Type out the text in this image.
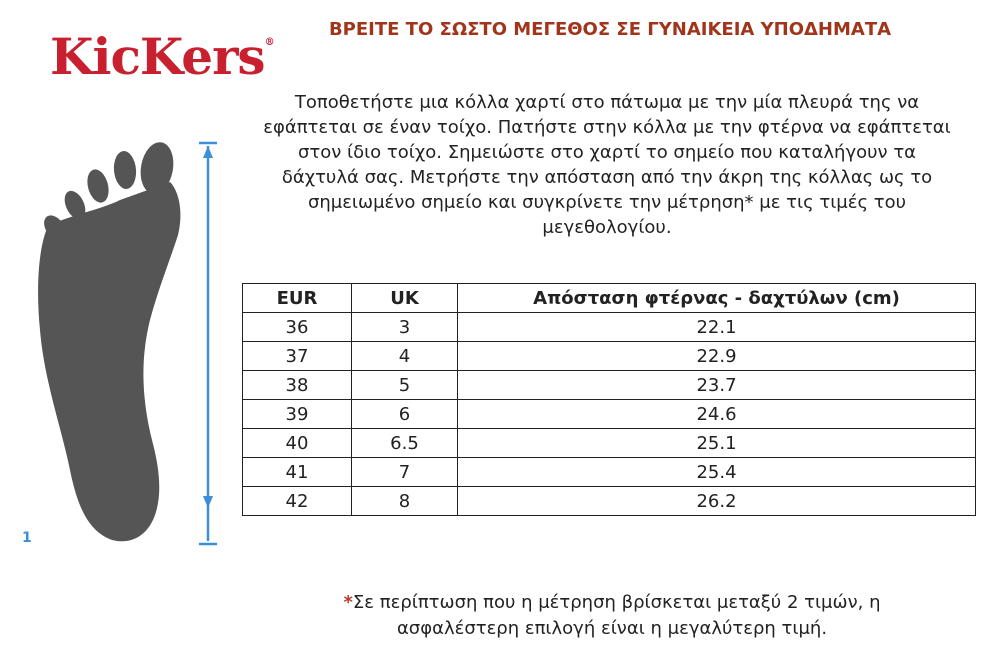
KicKers®
ΒΡΕΙΤΕ ΤΟ ΣΩΣΤΟ ΜΕΓΕΘΟΣ ΣΕ ΓΥΝΑΙΚΕΙΑ ΥΠΟΔΗΜΑΤΑ
Τοποθετήστε μια κόλλα χαρτί στο πάτωμα με την μία πλευρά της να εφάπτεται σε έναν τοίχο. Πατήστε στην κόλλα με την φτέρνα να εφάπτεται στον ίδιο τοίχο. Σημειώστε στο χαρτί το σημείο που καταλήγουν τα δάχτυλά σας. Μετρήστε την απόσταση από την άκρη της κόλλας ως το σημειωμένο σημείο και συγκρίνετε την μέτρηση* με τις τιμές του μεγεθολογίου.
1
EUR	UK	Απόσταση φτέρνας - δαχτύλων (cm)
36	3	22.1
37	4	22.9
38	5	23.7
39	6	24.6
40	6.5	25.1
41	7	25.4
42	8	26.2
*Σε περίπτωση που η μέτρηση βρίσκεται μεταξύ 2 τιμών, η
ασφαλέστερη επιλογή είναι η μεγαλύτερη τιμή.
